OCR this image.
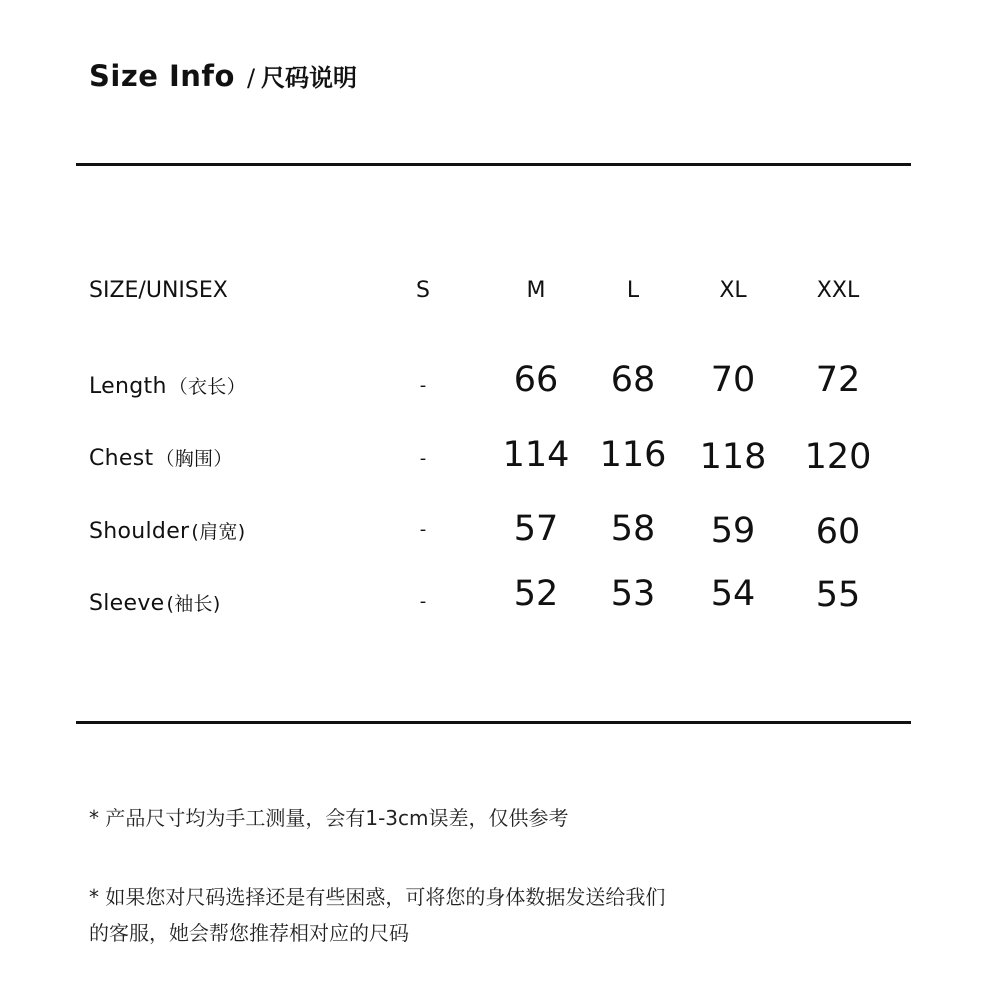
Size Info / 尺码说明
SIZE/UNISEX	S	M	L	XL	XXL
Length （衣长）	- 66 68 70 72
Chest （胸围）	- 114 116 118 120
Shoulder (肩宽)	- 57 58 59 60
Sleeve (袖长)	- 52 53 54 55
* 产品尺寸均为手工测量，会有1-3cm误差，仅供参考
* 如果您对尺码选择还是有些困惑，可将您的身体数据发送给我们
的客服，她会帮您推荐相对应的尺码
